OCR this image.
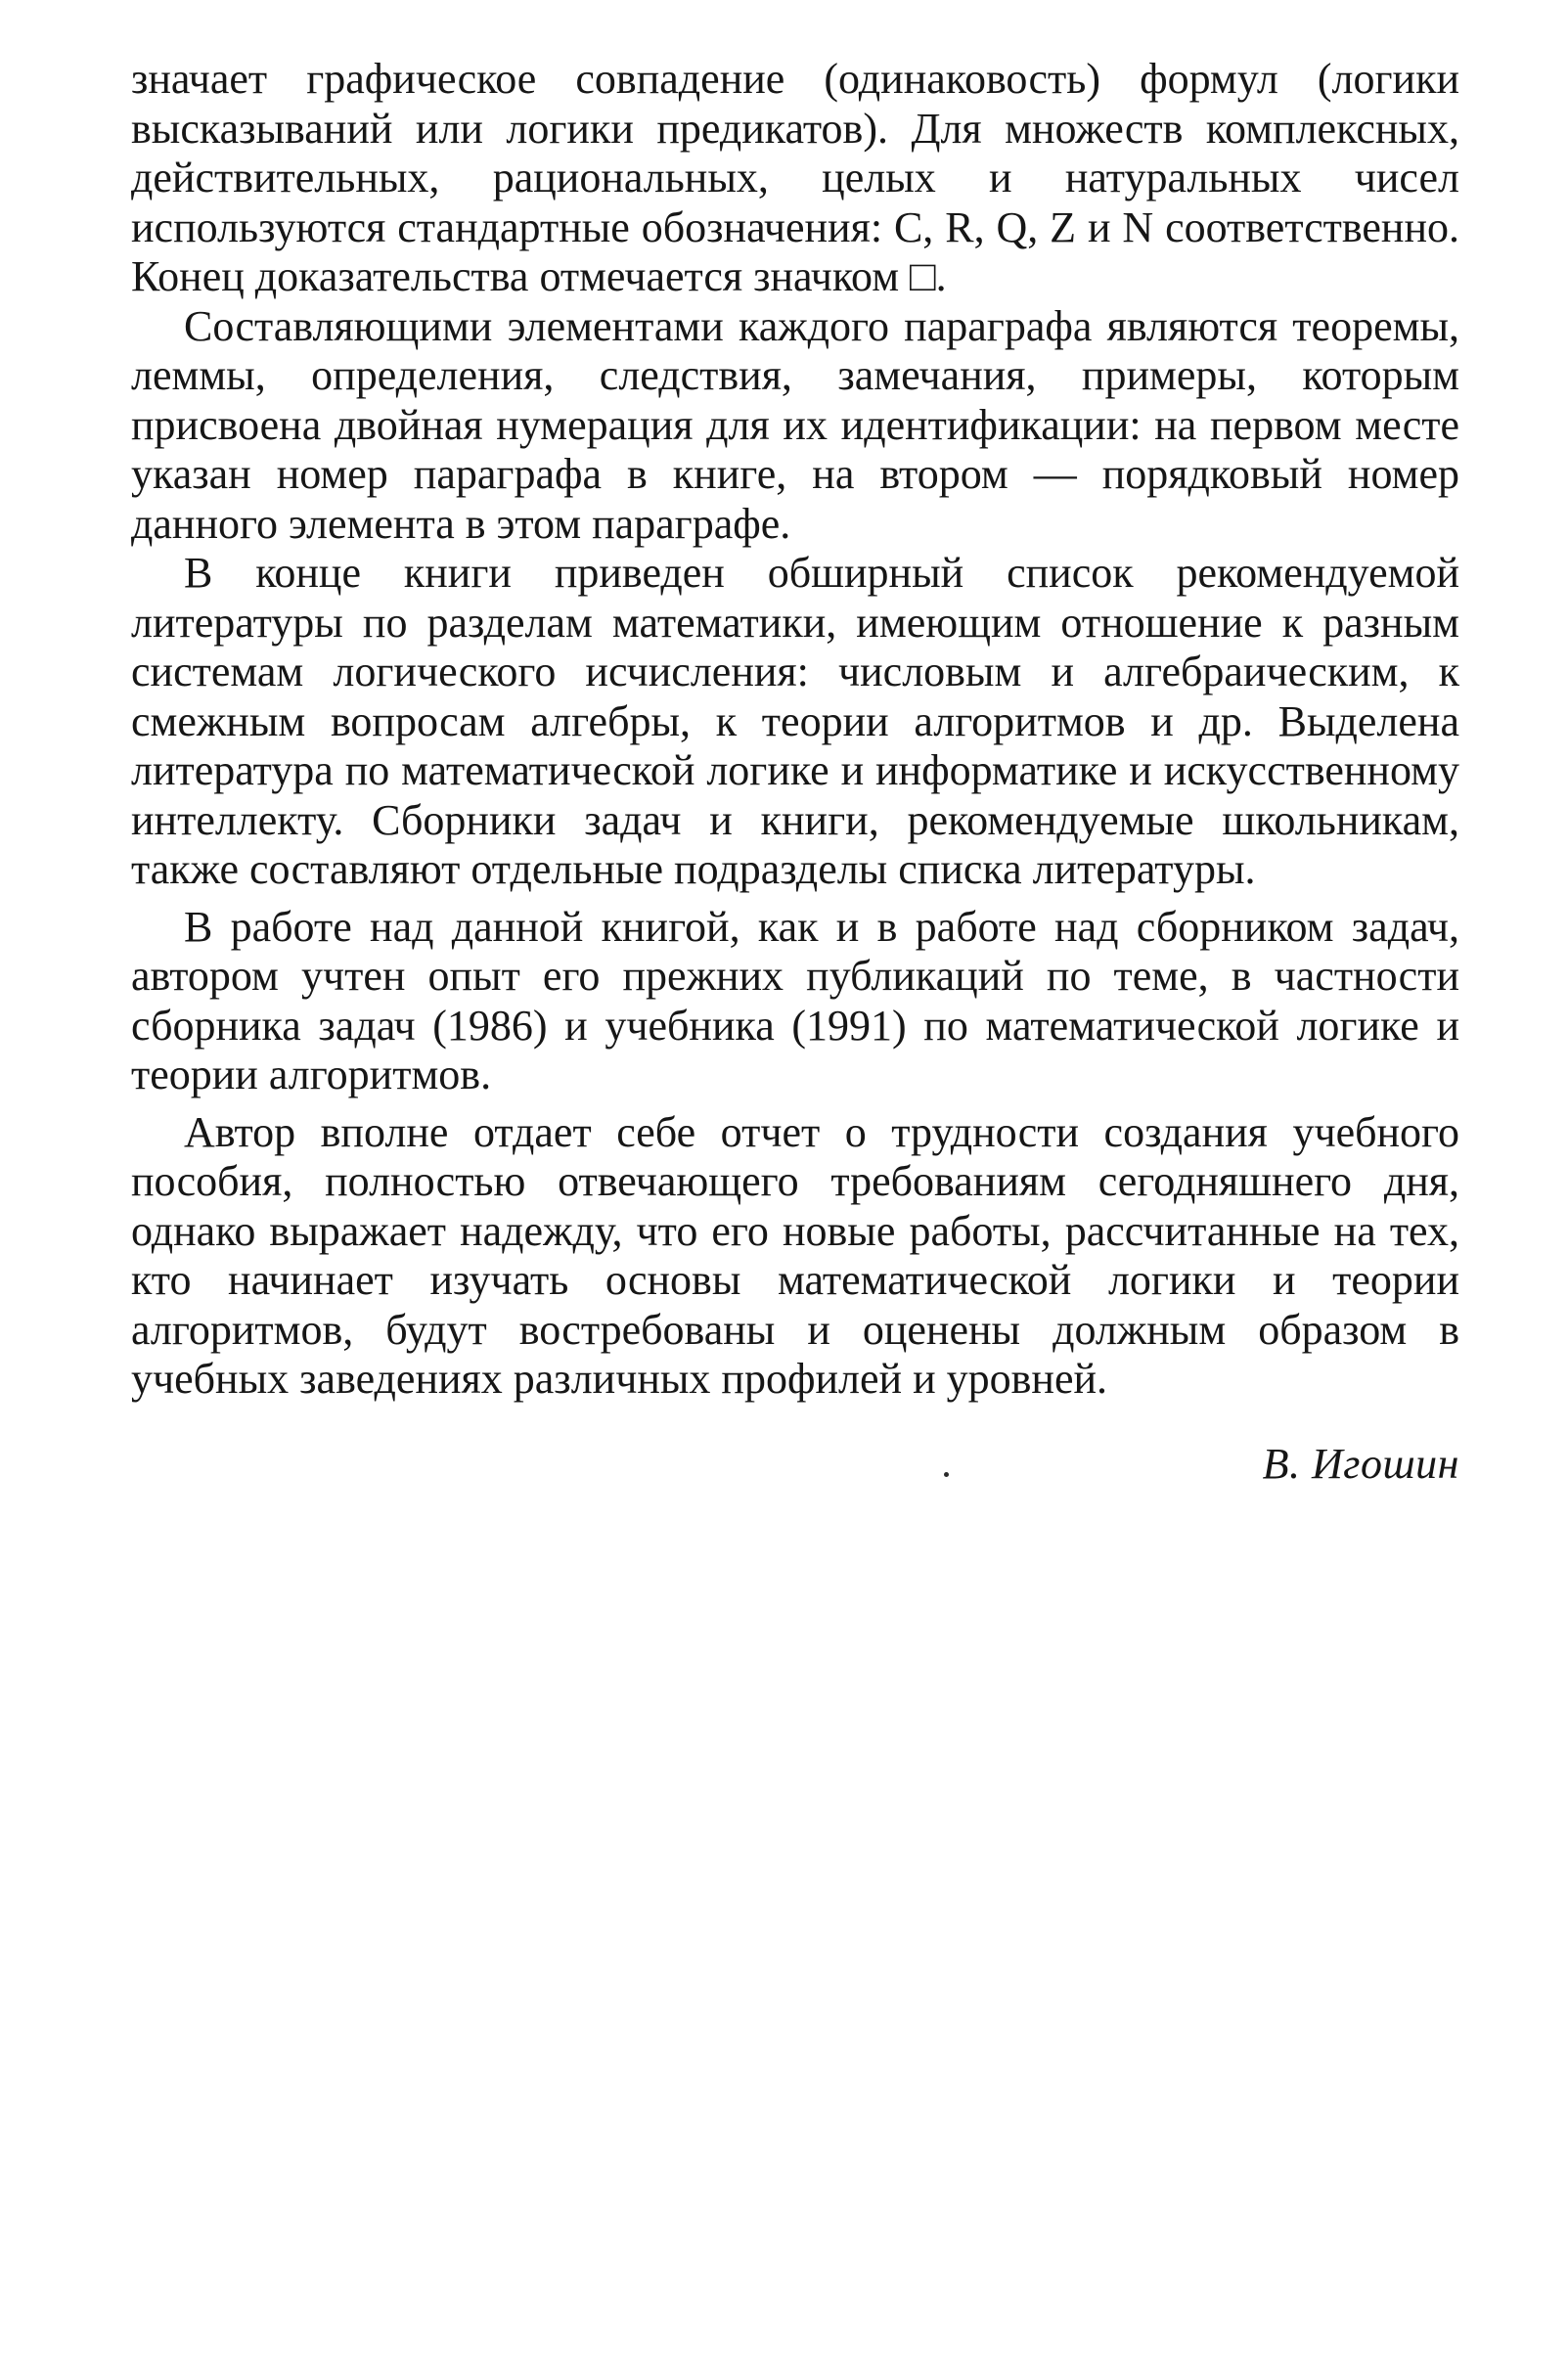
значает графическое совпадение (одинаковость) формул (логики высказываний или логики предикатов). Для множеств комплексных, действительных, рациональных, целых и натуральных чисел используются стандартные обозначения: C, R, Q, Z и N соответственно. Конец доказательства отмечается значком □.

Составляющими элементами каждого параграфа являются теоремы, леммы, определения, следствия, замечания, примеры, которым присвоена двойная нумерация для их идентификации: на первом месте указан номер параграфа в книге, на втором — порядковый номер данного элемента в этом параграфе.

В конце книги приведен обширный список рекомендуемой литературы по разделам математики, имеющим отношение к разным системам логического исчисления: числовым и алгебраическим, к смежным вопросам алгебры, к теории алгоритмов и др. Выделена литература по математической логике и информатике и искусственному интеллекту. Сборники задач и книги, рекомендуемые школьникам, также составляют отдельные подразделы списка литературы.

В работе над данной книгой, как и в работе над сборником задач, автором учтен опыт его прежних публикаций по теме, в частности сборника задач (1986) и учебника (1991) по математической логике и теории алгоритмов.

Автор вполне отдает себе отчет о трудности создания учебного пособия, полностью отвечающего требованиям сегодняшнего дня, однако выражает надежду, что его новые работы, рассчитанные на тех, кто начинает изучать основы математической логики и теории алгоритмов, будут востребованы и оценены должным образом в учебных заведениях различных профилей и уровней.

В. Игошин
